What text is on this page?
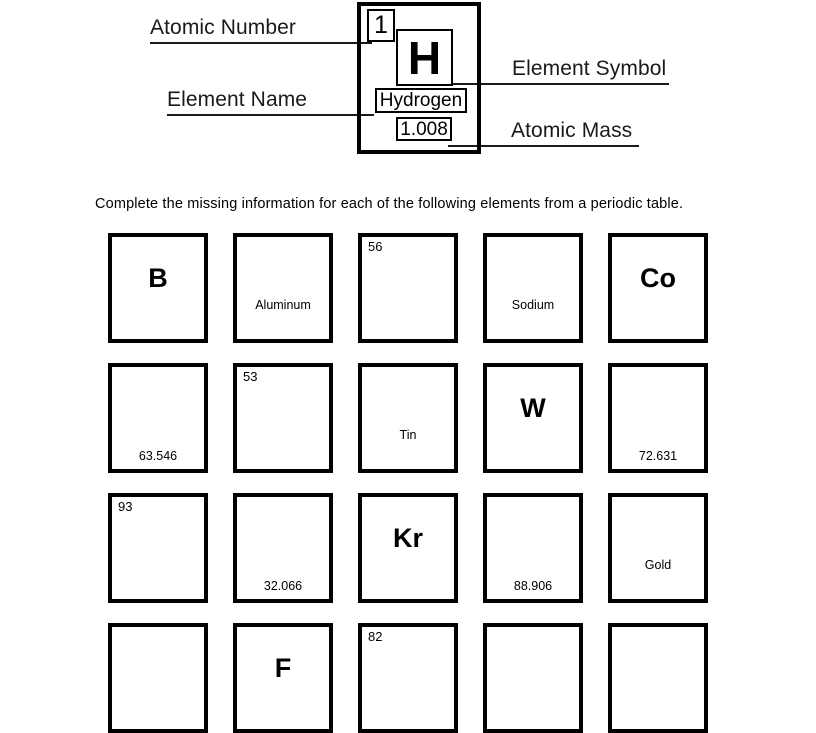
Atomic Number
Element Name
Element Symbol
Atomic Mass
1
H
Hydrogen
1.008
Complete the missing information for each of the following elements from a periodic table.
B
Aluminum
56
Sodium
Co
63.546
53
Tin
W
72.631
93
32.066
Kr
88.906
Gold
F
82
